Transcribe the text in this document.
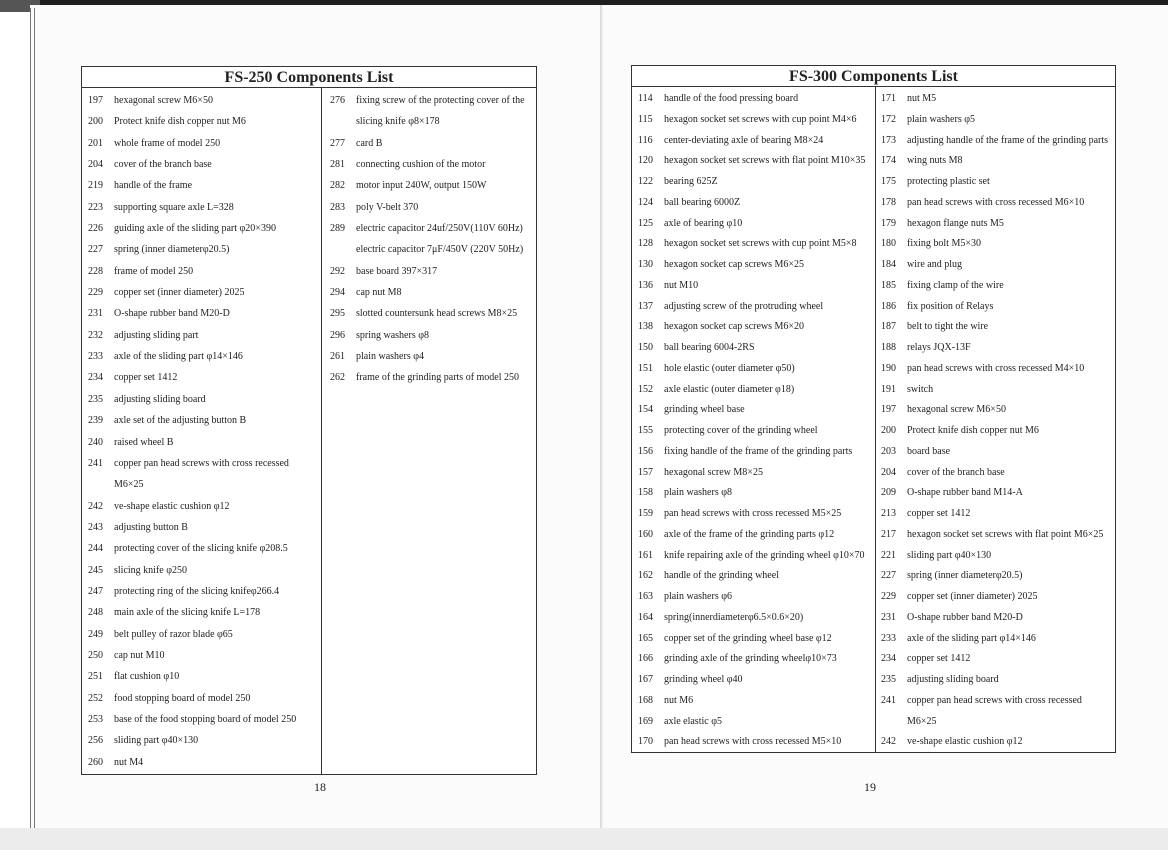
FS-250 Components List
197	hexagonal screw M6×50
200	Protect knife dish copper nut M6
201	whole frame of model 250
204	cover of the branch base
219	handle of the frame
223	supporting square axle L=328
226	guiding axle of the sliding part φ20×390
227	spring (inner diameterφ20.5)
228	frame of model 250
229	copper set (inner diameter) 2025
231	O-shape rubber band M20-D
232	adjusting sliding part
233	axle of the sliding part φ14×146
234	copper set 1412
235	adjusting sliding board
239	axle set of the adjusting button B
240	raised wheel B
241	copper pan head screws with cross recessed
M6×25
242	ve-shape elastic cushion φ12
243	adjusting button B
244	protecting cover of the slicing knife φ208.5
245	slicing knife φ250
247	protecting ring of the slicing knifeφ266.4
248	main axle of the slicing knife L=178
249	belt pulley of razor blade φ65
250	cap nut M10
251	flat cushion φ10
252	food stopping board of model 250
253	base of the food stopping board of model 250
256	sliding part φ40×130
260	nut M4
276	fixing screw of the protecting cover of the
slicing knife φ8×178
277	card B
281	connecting cushion of the motor
282	motor input 240W, output 150W
283	poly V-belt 370
289	electric capacitor 24uf/250V(110V 60Hz)
electric capacitor 7μF/450V (220V 50Hz)
292	base board 397×317
294	cap nut M8
295	slotted countersunk head screws M8×25
296	spring washers φ8
261	plain washers φ4
262	frame of the grinding parts of model 250
18
FS-300 Components List
114	handle of the food pressing board
115	hexagon socket set screws with cup point M4×6
116	center-deviating axle of bearing M8×24
120	hexagon socket set screws with flat point M10×35
122	bearing 625Z
124	ball bearing 6000Z
125	axle of bearing φ10
128	hexagon socket set screws with cup point M5×8
130	hexagon socket cap screws M6×25
136	nut M10
137	adjusting screw of the protruding wheel
138	hexagon socket cap screws M6×20
150	ball bearing 6004-2RS
151	hole elastic (outer diameter φ50)
152	axle elastic (outer diameter φ18)
154	grinding wheel base
155	protecting cover of the grinding wheel
156	fixing handle of the frame of the grinding parts
157	hexagonal screw M8×25
158	plain washers φ8
159	pan head screws with cross recessed M5×25
160	axle of the frame of the grinding parts φ12
161	knife repairing axle of the grinding wheel φ10×70
162	handle of the grinding wheel
163	plain washers φ6
164	spring(innerdiameterφ6.5×0.6×20)
165	copper set of the grinding wheel base φ12
166	grinding axle of the grinding wheelφ10×73
167	grinding wheel φ40
168	nut M6
169	axle elastic φ5
170	pan head screws with cross recessed M5×10
171	nut M5
172	plain washers φ5
173	adjusting handle of the frame of the grinding parts
174	wing nuts M8
175	protecting plastic set
178	pan head screws with cross recessed M6×10
179	hexagon flange nuts M5
180	fixing bolt M5×30
184	wire and plug
185	fixing clamp of the wire
186	fix position of Relays
187	belt to tight the wire
188	relays JQX-13F
190	pan head screws with cross recessed M4×10
191	switch
197	hexagonal screw M6×50
200	Protect knife dish copper nut M6
203	board base
204	cover of the branch base
209	O-shape rubber band M14-A
213	copper set 1412
217	hexagon socket set screws with flat point M6×25
221	sliding part φ40×130
227	spring (inner diameterφ20.5)
229	copper set (inner diameter) 2025
231	O-shape rubber band M20-D
233	axle of the sliding part φ14×146
234	copper set 1412
235	adjusting sliding board
241	copper pan head screws with cross recessed
M6×25
242	ve-shape elastic cushion φ12
19
